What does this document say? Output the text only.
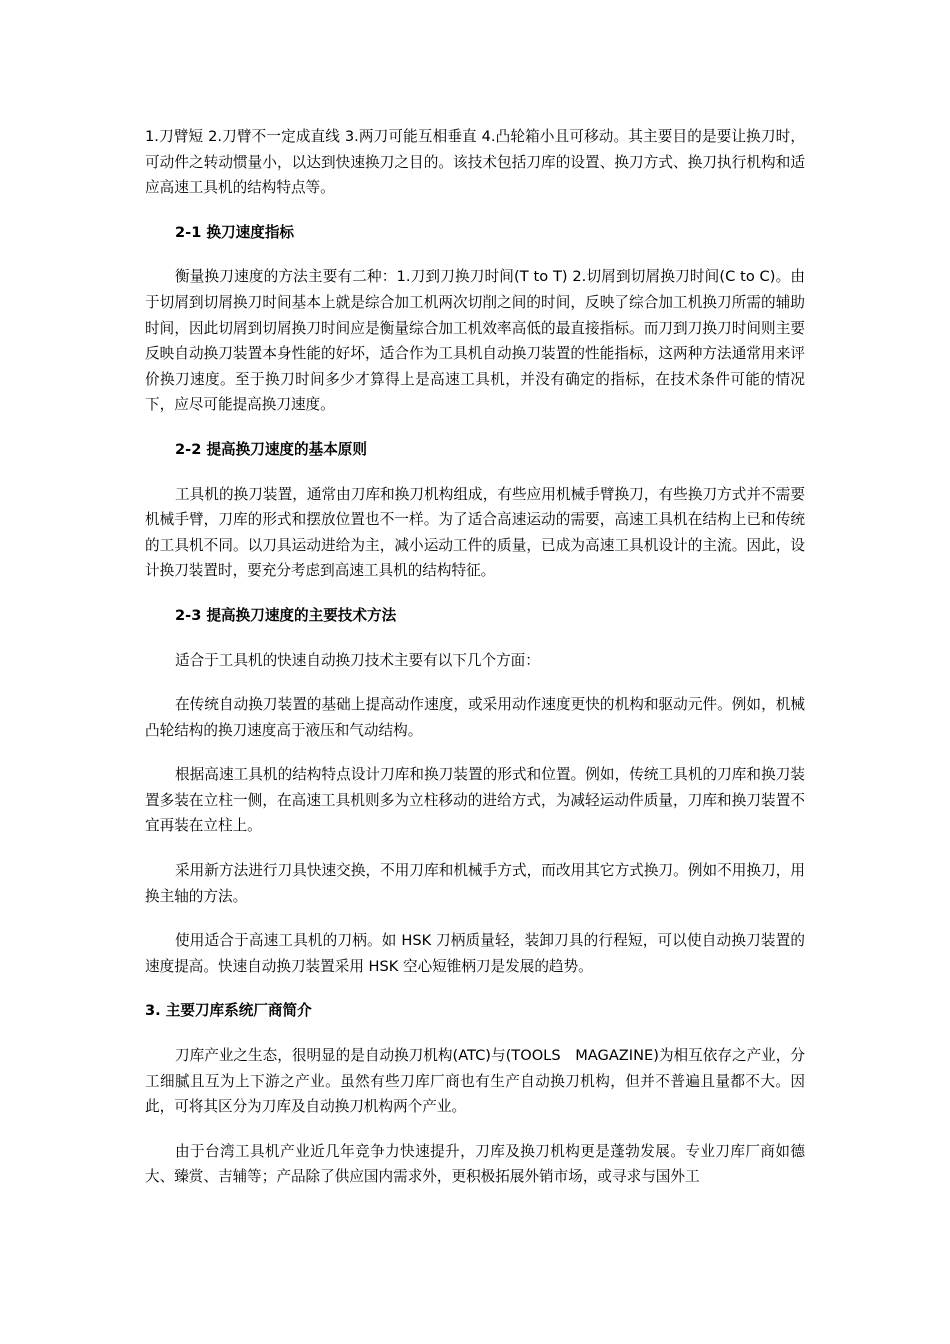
1.刀臂短 2.刀臂不一定成直线 3.两刀可能互相垂直 4.凸轮箱小且可移动。其主要目的是要让换刀时，可动件之转动惯量小，以达到快速换刀之目的。该技术包括刀库的设置、换刀方式、换刀执行机构和适应高速工具机的结构特点等。

2-1 换刀速度指标

衡量换刀速度的方法主要有二种：1.刀到刀换刀时间(T to T) 2.切屑到切屑换刀时间(C to C)。由于切屑到切屑换刀时间基本上就是综合加工机两次切削之间的时间，反映了综合加工机换刀所需的辅助时间，因此切屑到切屑换刀时间应是衡量综合加工机效率高低的最直接指标。而刀到刀换刀时间则主要反映自动换刀装置本身性能的好坏，适合作为工具机自动换刀装置的性能指标，这两种方法通常用来评价换刀速度。至于换刀时间多少才算得上是高速工具机，并没有确定的指标，在技术条件可能的情况下，应尽可能提高换刀速度。

2-2 提高换刀速度的基本原则

工具机的换刀装置，通常由刀库和换刀机构组成，有些应用机械手臂换刀，有些换刀方式并不需要机械手臂，刀库的形式和摆放位置也不一样。为了适合高速运动的需要，高速工具机在结构上已和传统的工具机不同。以刀具运动进给为主，减小运动工件的质量，已成为高速工具机设计的主流。因此，设计换刀装置时，要充分考虑到高速工具机的结构特征。

2-3 提高换刀速度的主要技术方法

适合于工具机的快速自动换刀技术主要有以下几个方面：

在传统自动换刀装置的基础上提高动作速度，或采用动作速度更快的机构和驱动元件。例如，机械凸轮结构的换刀速度高于液压和气动结构。

根据高速工具机的结构特点设计刀库和换刀装置的形式和位置。例如，传统工具机的刀库和换刀装置多装在立柱一侧，在高速工具机则多为立柱移动的进给方式，为减轻运动件质量，刀库和换刀装置不宜再装在立柱上。

采用新方法进行刀具快速交换，不用刀库和机械手方式，而改用其它方式换刀。例如不用换刀，用换主轴的方法。

使用适合于高速工具机的刀柄。如 HSK 刀柄质量轻，装卸刀具的行程短，可以使自动换刀装置的速度提高。快速自动换刀装置采用 HSK 空心短锥柄刀是发展的趋势。

3. 主要刀库系统厂商简介

刀库产业之生态，很明显的是自动换刀机构(ATC)与(TOOLS　MAGAZINE)为相互依存之产业，分工细腻且互为上下游之产业。虽然有些刀库厂商也有生产自动换刀机构，但并不普遍且量都不大。因此，可将其区分为刀库及自动换刀机构两个产业。

由于台湾工具机产业近几年竞争力快速提升，刀库及换刀机构更是蓬勃发展。专业刀库厂商如德大、臻赏、吉辅等；产品除了供应国内需求外，更积极拓展外销市场，或寻求与国外工
